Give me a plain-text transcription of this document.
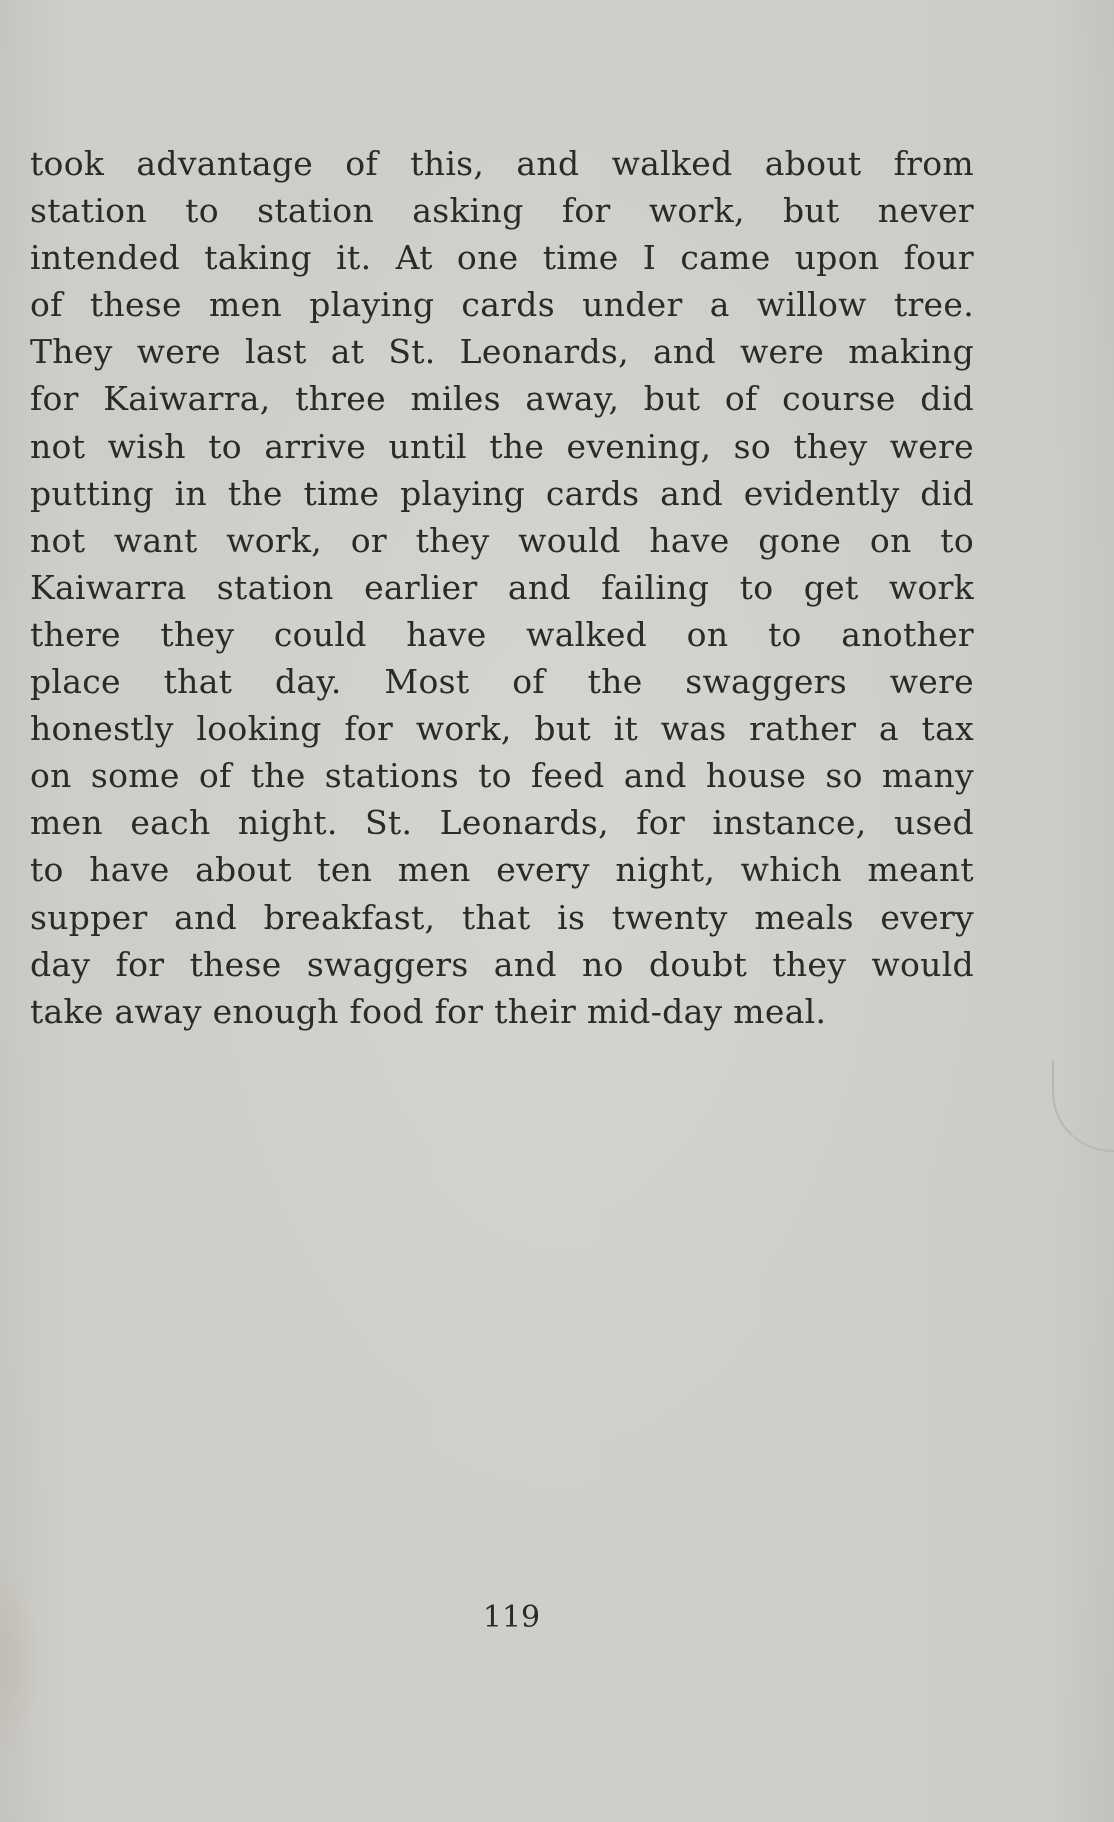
took advantage of this, and walked about from
station to station asking for work, but never
intended taking it. At one time I came upon four
of these men playing cards under a willow tree.
They were last at St. Leonards, and were making
for Kaiwarra, three miles away, but of course did
not wish to arrive until the evening, so they were
putting in the time playing cards and evidently did
not want work, or they would have gone on to
Kaiwarra station earlier and failing to get work
there they could have walked on to another
place that day. Most of the swaggers were
honestly looking for work, but it was rather a tax
on some of the stations to feed and house so many
men each night. St. Leonards, for instance, used
to have about ten men every night, which meant
supper and breakfast, that is twenty meals every
day for these swaggers and no doubt they would
take away enough food for their mid-day meal.
119
